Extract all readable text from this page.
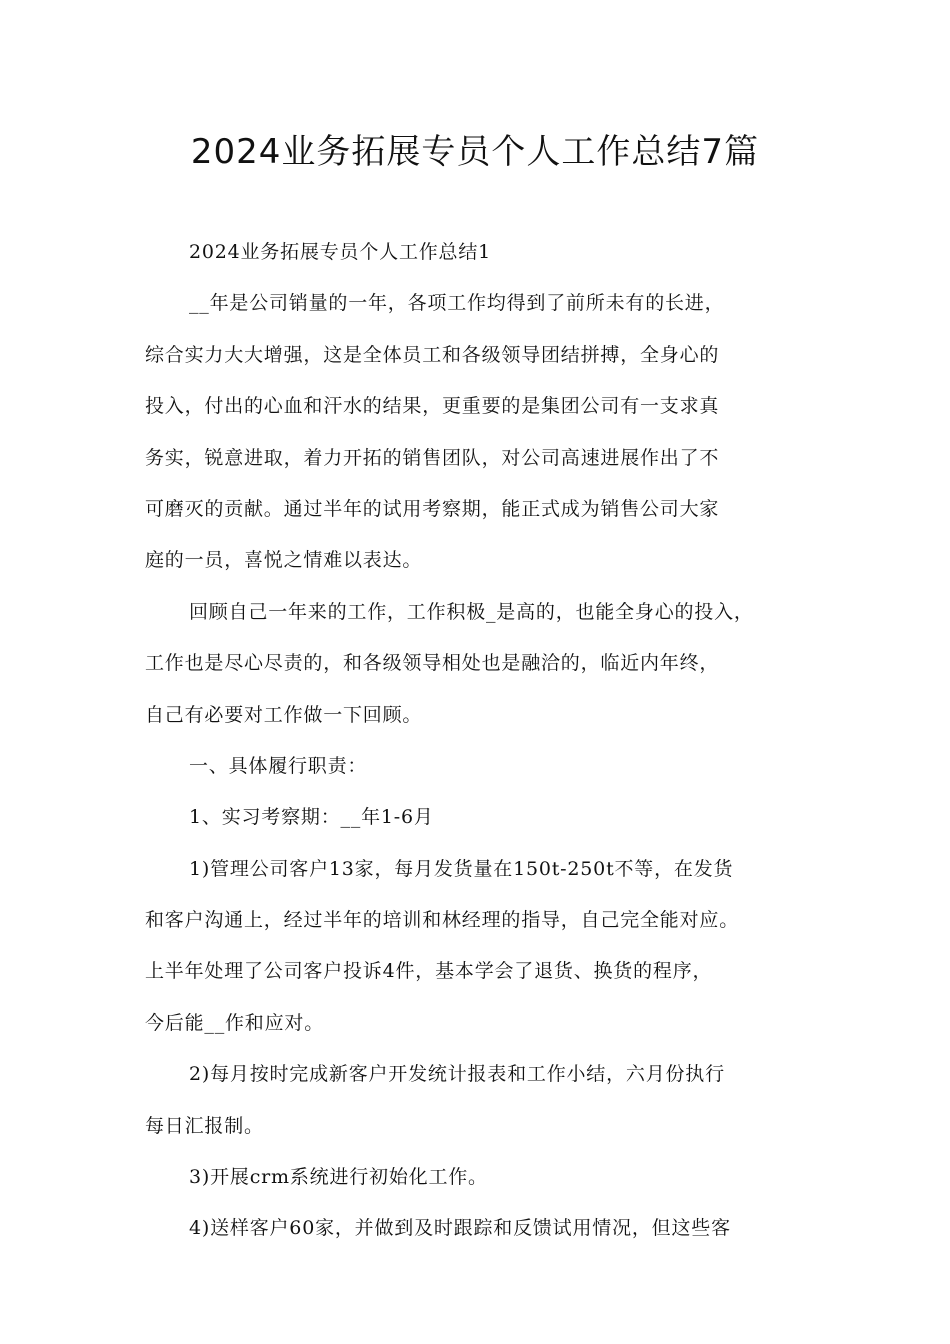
2024业务拓展专员个人工作总结7篇
2024业务拓展专员个人工作总结1
__年是公司销量的一年，各项工作均得到了前所未有的长进，
综合实力大大增强，这是全体员工和各级领导团结拼搏，全身心的
投入，付出的心血和汗水的结果，更重要的是集团公司有一支求真
务实，锐意进取，着力开拓的销售团队，对公司高速进展作出了不
可磨灭的贡献。通过半年的试用考察期，能正式成为销售公司大家
庭的一员，喜悦之情难以表达。
回顾自己一年来的工作，工作积极_是高的，也能全身心的投入，
工作也是尽心尽责的，和各级领导相处也是融洽的，临近内年终，
自己有必要对工作做一下回顾。
一、具体履行职责：
1、实习考察期：__年1-6月
1)管理公司客户13家，每月发货量在150t-250t不等，在发货
和客户沟通上，经过半年的培训和林经理的指导，自己完全能对应。
上半年处理了公司客户投诉4件，基本学会了退货、换货的程序，
今后能__作和应对。
2)每月按时完成新客户开发统计报表和工作小结，六月份执行
每日汇报制。
3)开展crm系统进行初始化工作。
4)送样客户60家，并做到及时跟踪和反馈试用情况，但这些客
